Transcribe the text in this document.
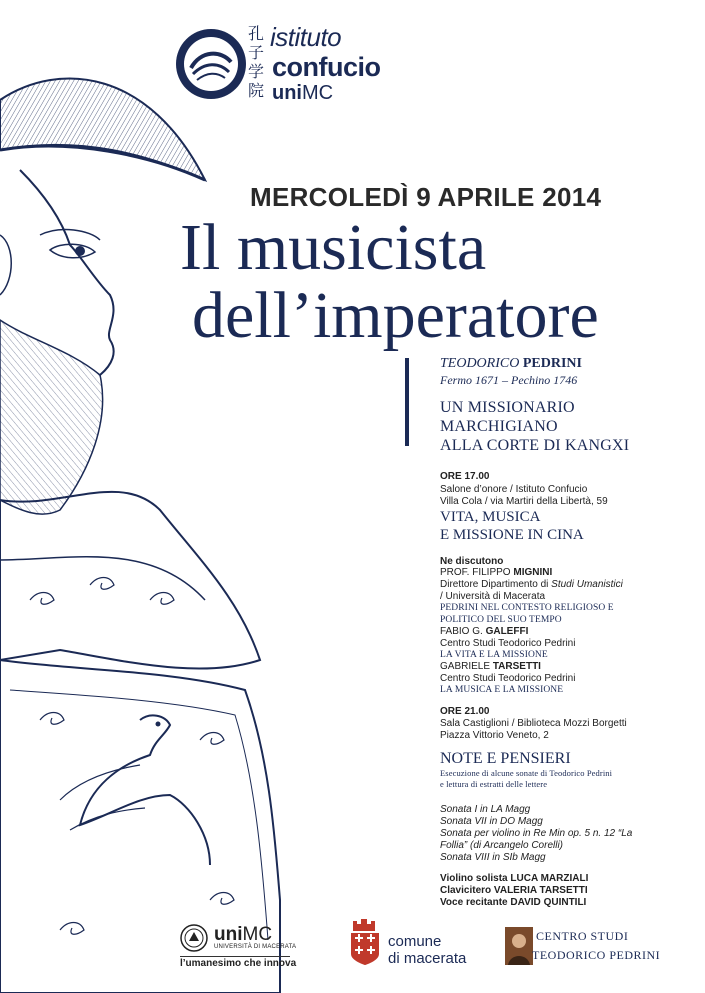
孔子学院
istituto
confucio
uniMC
MERCOLEDÌ 9 APRILE 2014
Il musicista
dell’imperatore
TEODORICO PEDRINI
Fermo 1671 – Pechino 1746
UN MISSIONARIO
MARCHIGIANO
ALLA CORTE DI KANGXI
ORE 17.00
Salone d’onore / Istituto Confucio
Villa Cola / via Martiri della Libertà, 59
VITA, MUSICA
E MISSIONE IN CINA
Ne discutono
PROF. FILIPPO MIGNINI
Direttore Dipartimento di Studi Umanistici
/ Università di Macerata
PEDRINI NEL CONTESTO RELIGIOSO E
POLITICO DEL SUO TEMPO
FABIO G. GALEFFI
Centro Studi Teodorico Pedrini
LA VITA E LA MISSIONE
GABRIELE TARSETTI
Centro Studi Teodorico Pedrini
LA MUSICA E LA MISSIONE
ORE 21.00
Sala Castiglioni / Biblioteca Mozzi Borgetti
Piazza Vittorio Veneto, 2
NOTE E PENSIERI
Esecuzione di alcune sonate di Teodorico Pedrini
e lettura di estratti delle lettere
Sonata I in LA Magg
Sonata VII in DO Magg
Sonata per violino in Re Min op. 5 n. 12 “La
Follia” (di Arcangelo Corelli)
Sonata VIII in SIb Magg
Violino solista LUCA MARZIALI
Clavicitero VALERIA TARSETTI
Voce recitante DAVID QUINTILI
uniMC
UNIVERSITÀ DI MACERATA
l’umanesimo che innova
comune
di macerata
CENTRO STUDI
TEODORICO PEDRINI
